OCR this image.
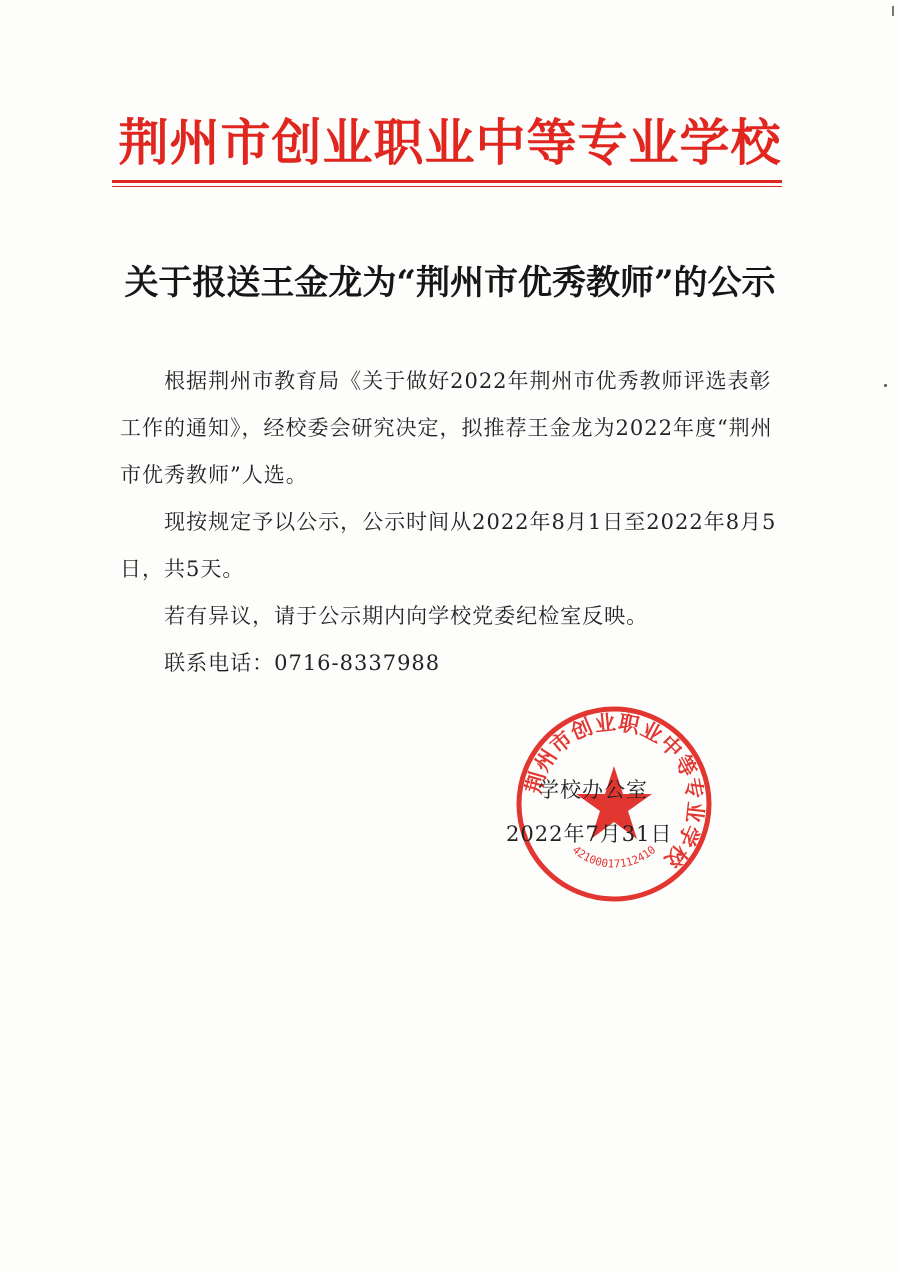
荆州市创业职业中等专业学校
关于报送王金龙为“荆州市优秀教师”的公示

根据荆州市教育局《关于做好2022年荆州市优秀教师评选表彰工作的通知》，经校委会研究决定，拟推荐王金龙为2022年度“荆州市优秀教师”人选。

现按规定予以公示，公示时间从2022年8月1日至2022年8月5日，共5天。

若有异议，请于公示期内向学校党委纪检室反映。

联系电话：0716-8337988

荆州市创业职业中等专业学校
4210001711241​0
学校办公室
2022年7月31日
